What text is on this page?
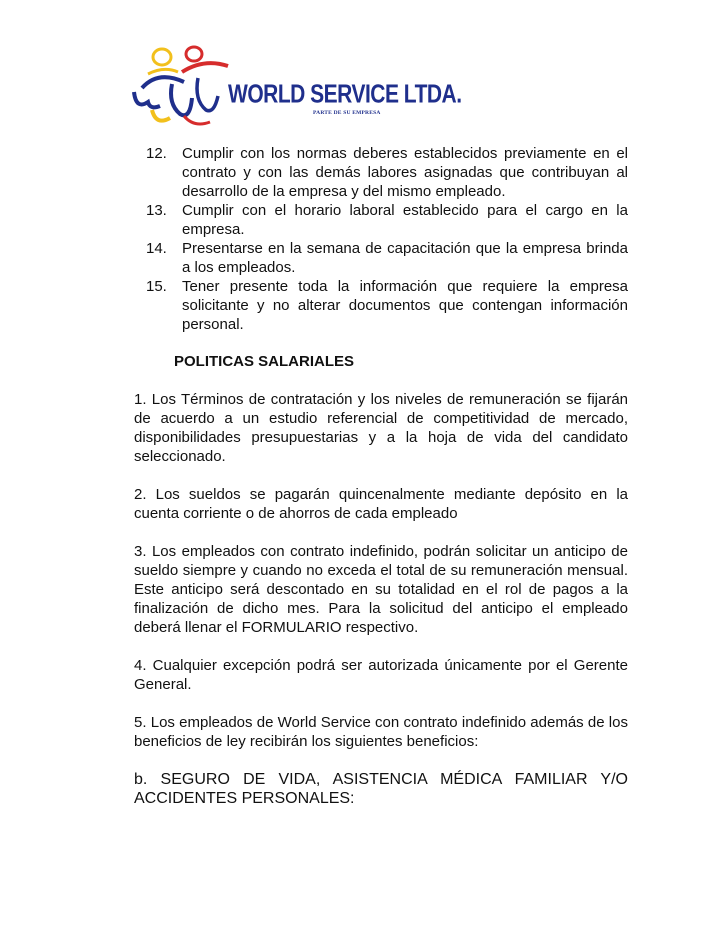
WORLD SERVICE LTDA.
PARTE DE SU EMPRESA
12.	Cumplir con los normas deberes establecidos previamente en el contrato y con las demás labores asignadas que contribuyan al desarrollo de la empresa y del mismo empleado.
13.	Cumplir con el horario laboral establecido para el cargo en la empresa.
14.	Presentarse en la semana de capacitación que la empresa brinda a los empleados.
15.	Tener presente toda la información que requiere la empresa solicitante y no alterar documentos que contengan información personal.
POLITICAS SALARIALES

1. Los Términos de contratación y los niveles de remuneración se fijarán de acuerdo a un estudio referencial de competitividad de mercado, disponibilidades presupuestarias y a la hoja de vida del candidato seleccionado.

2. Los sueldos se pagarán quincenalmente mediante depósito en la cuenta corriente o de ahorros de cada empleado

3. Los empleados con contrato indefinido, podrán solicitar un anticipo de sueldo siempre y cuando no exceda el total de su remuneración mensual. Este anticipo será descontado en su totalidad en el rol de pagos a la finalización de dicho mes. Para la solicitud del anticipo el empleado deberá llenar el FORMULARIO respectivo.

4. Cualquier excepción podrá ser autorizada únicamente por el Gerente General.

5. Los empleados de World Service con contrato indefinido además de los beneficios de ley recibirán los siguientes beneficios:

b. SEGURO DE VIDA, ASISTENCIA MÉDICA FAMILIAR Y/O ACCIDENTES PERSONALES:
